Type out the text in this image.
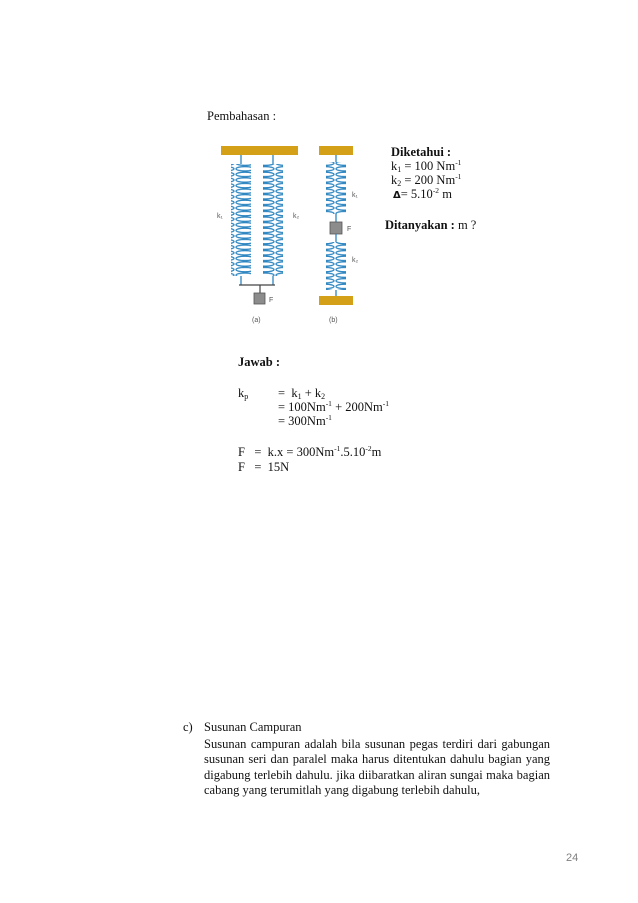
Pembahasan :
k₁	k₂
F
(a)
k₁
F
k₂
(b)
Diketahui :
$k_1 = 100$ $Nm^{-1}$
$k_2 = 200$ $Nm^{-1}$
$\Delta= 5.10^{-2}$ m
Ditanyakan : m ?
Jawab :
$k_p = k_1 + k_2$
= $100Nm^{-1} + 200Nm^{-1}$
= $300Nm^{-1}$
$F = k.x = 300Nm^{-1}.5.10^{-2}m$
F = 15N
c) Susunan Campuran
Susunan campuran adalah bila susunan pegas terdiri dari gabungan susunan seri dan paralel maka harus ditentukan dahulu bagian yang digabung terlebih dahulu. jika diibaratkan aliran sungai maka bagian cabang yang terumitlah yang digabung terlebih dahulu,
24
